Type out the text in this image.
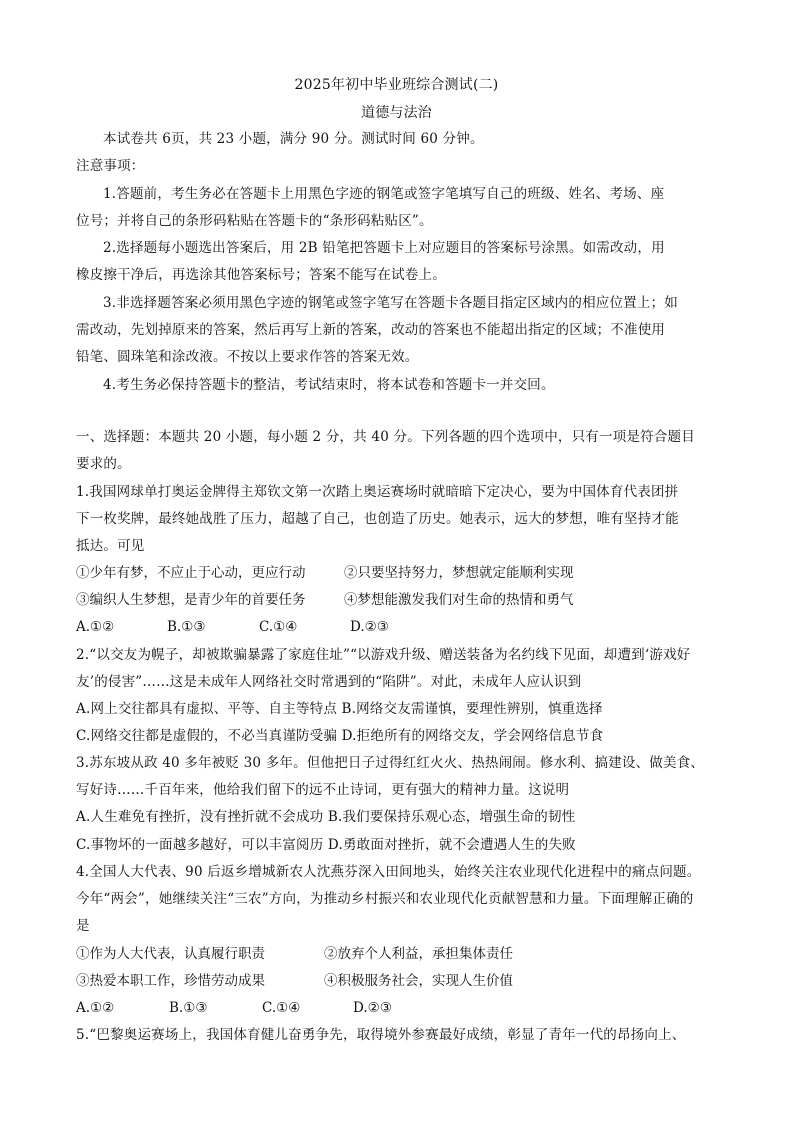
2025年初中毕业班综合测试(二)
道德与法治
本试卷共 6页，共 23 小题，满分 90 分。测试时间 60 分钟。
注意事项：
1.答题前，考生务必在答题卡上用黑色字迹的钢笔或签字笔填写自己的班级、姓名、考场、座
位号；并将自己的条形码粘贴在答题卡的“条形码粘贴区”。
2.选择题每小题选出答案后，用 2B 铅笔把答题卡上对应题目的答案标号涂黑。如需改动，用
橡皮擦干净后，再选涂其他答案标号；答案不能写在试卷上。
3.非选择题答案必须用黑色字迹的钢笔或签字笔写在答题卡各题目指定区域内的相应位置上；如
需改动，先划掉原来的答案，然后再写上新的答案，改动的答案也不能超出指定的区域；不准使用
铅笔、圆珠笔和涂改液。不按以上要求作答的答案无效。
4.考生务必保持答题卡的整洁，考试结束时，将本试卷和答题卡一并交回。
一、选择题：本题共 20 小题，每小题 2 分，共 40 分。下列各题的四个选项中，只有一项是符合题目
要求的。
1.我国网球单打奥运金牌得主郑钦文第一次踏上奥运赛场时就暗暗下定决心，要为中国体育代表团拼
下一枚奖牌，最终她战胜了压力，超越了自己，也创造了历史。她表示，远大的梦想，唯有坚持才能
抵达。可见
①少年有梦，不应止于心动，更应行动	②只要坚持努力，梦想就定能顺利实现
③编织人生梦想，是青少年的首要任务	④梦想能激发我们对生命的热情和勇气
A.①②	B.①③	C.①④	D.②③
2.“以交友为幌子，却被欺骗暴露了家庭住址”“以游戏升级、赠送装备为名约线下见面，却遭到‘游戏好
友’的侵害”……这是未成年人网络社交时常遇到的“陷阱”。对此，未成年人应认识到
A.网上交往都具有虚拟、平等、自主等特点 B.网络交友需谨慎，要理性辨别，慎重选择
C.网络交往都是虚假的，不必当真谨防受骗 D.拒绝所有的网络交友，学会网络信息节食
3.苏东坡从政 40 多年被贬 30 多年。但他把日子过得红红火火、热热闹闹。修水利、搞建设、做美食、
写好诗……千百年来，他给我们留下的远不止诗词，更有强大的精神力量。这说明
A.人生难免有挫折，没有挫折就不会成功 B.我们要保持乐观心态，增强生命的韧性
C.事物坏的一面越多越好，可以丰富阅历 D.勇敢面对挫折，就不会遭遇人生的失败
4.全国人大代表、90 后返乡增城新农人沈燕芬深入田间地头，始终关注农业现代化进程中的痛点问题。
今年“两会”，她继续关注“三农”方向，为推动乡村振兴和农业现代化贡献智慧和力量。下面理解正确的
是
①作为人大代表，认真履行职责	②放弃个人利益，承担集体责任
③热爱本职工作，珍惜劳动成果	④积极服务社会，实现人生价值
A.①②	B.①③	C.①④	D.②③
5.“巴黎奥运赛场上，我国体育健儿奋勇争先，取得境外参赛最好成绩，彰显了青年一代的昂扬向上、
